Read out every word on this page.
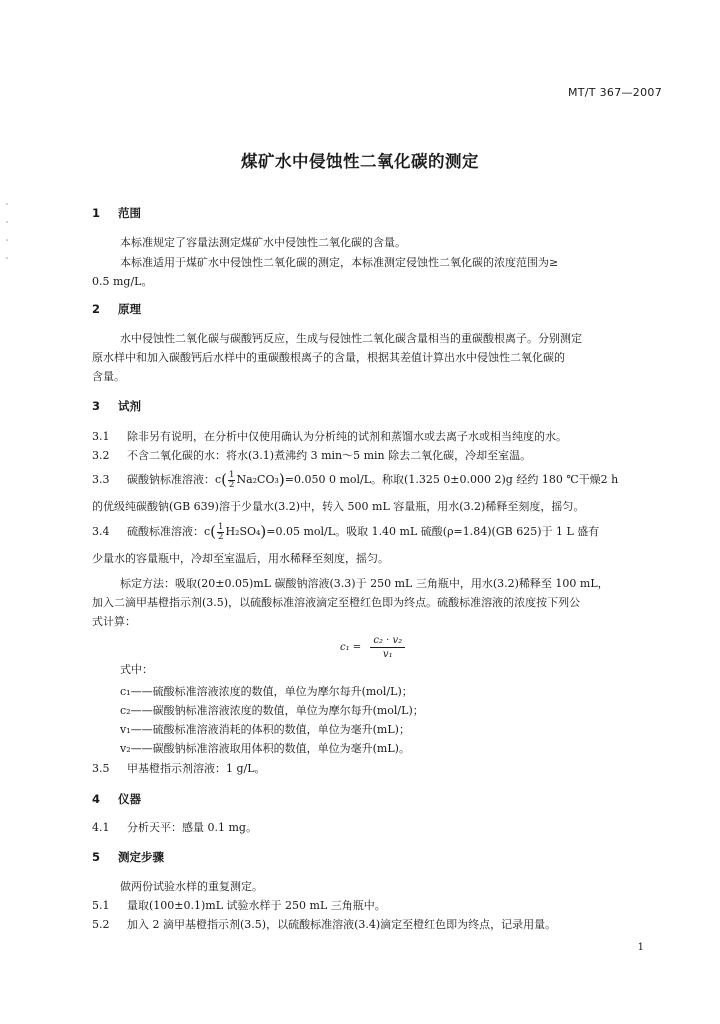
MT/T 367—2007
煤矿水中侵蚀性二氧化碳的测定
1 范围
本标准规定了容量法测定煤矿水中侵蚀性二氧化碳的含量。
本标准适用于煤矿水中侵蚀性二氧化碳的测定，本标准测定侵蚀性二氧化碳的浓度范围为≥
0.5 mg/L。
2 原理
水中侵蚀性二氧化碳与碳酸钙反应，生成与侵蚀性二氧化碳含量相当的重碳酸根离子。分别测定
原水样中和加入碳酸钙后水样中的重碳酸根离子的含量，根据其差值计算出水中侵蚀性二氧化碳的
含量。
3 试剂
3.1 除非另有说明，在分析中仅使用确认为分析纯的试剂和蒸馏水或去离子水或相当纯度的水。
3.2 不含二氧化碳的水：将水(3.1)煮沸约 3 min～5 min 除去二氧化碳，冷却至室温。
3.3 碳酸钠标准溶液：$c( \frac{1}{2} Na_2CO_3)=0.050$ 0 mol/L。称取(1.325 0±0.000 2)g 经约 180 ℃干燥2 h
的优级纯碳酸钠(GB 639)溶于少量水(3.2)中，转入 500 mL 容量瓶，用水(3.2)稀释至刻度，摇匀。
3.4 硫酸标准溶液：$c( \frac{1}{2} H_2SO_4)=0.05$ mol/L。吸取 1.40 mL 硫酸(ρ=1.84)(GB 625)于 1 L 盛有
少量水的容量瓶中，冷却至室温后，用水稀释至刻度，摇匀。
标定方法：吸取(20±0.05)mL 碳酸钠溶液(3.3)于 250 mL 三角瓶中，用水(3.2)稀释至 100 mL，
加入二滴甲基橙指示剂(3.5)，以硫酸标准溶液滴定至橙红色即为终点。硫酸标准溶液的浓度按下列公
式计算：
$c_1 = \frac{\text{c₂ · v₂}}{\text{v₁}}$
式中：
c₁——硫酸标准溶液浓度的数值，单位为摩尔每升(mol/L)；
c₂——碳酸钠标准溶液浓度的数值，单位为摩尔每升(mol/L)；
v₁——硫酸标准溶液消耗的体积的数值，单位为毫升(mL)；
v₂——碳酸钠标准溶液取用体积的数值，单位为毫升(mL)。
3.5 甲基橙指示剂溶液：1 g/L。
4 仪器
4.1 分析天平：感量 0.1 mg。
5 测定步骤
做两份试验水样的重复测定。
5.1 量取(100±0.1)mL 试验水样于 250 mL 三角瓶中。
5.2 加入 2 滴甲基橙指示剂(3.5)，以硫酸标准溶液(3.4)滴定至橙红色即为终点，记录用量。
1
